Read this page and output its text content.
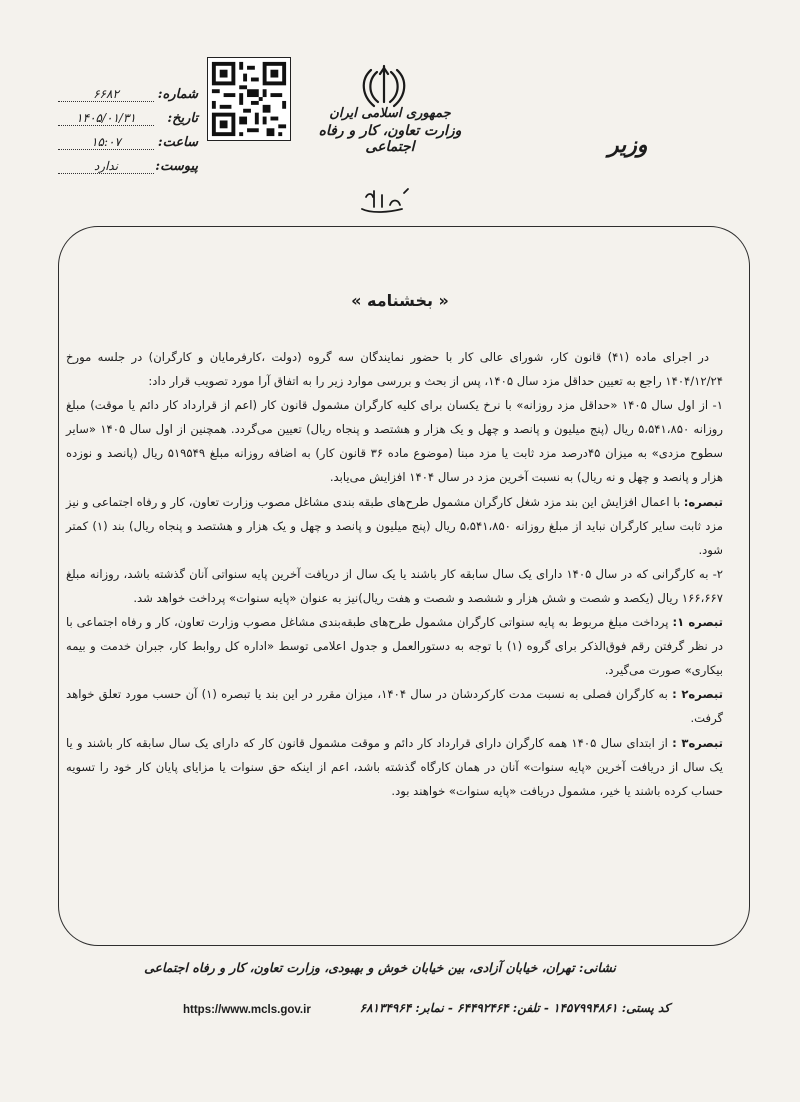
شماره:
۶۶۸۲
تاریخ:
۱۴۰۵/۰۱/۳۱
ساعت:
۱۵:۰۷
پیوست:
ندارد
جمهوری اسلامی ایران
وزارت تعاون، کار و رفاه اجتماعی	وزیر
« بخشنامه »

در اجرای ماده (۴۱) قانون کار، شورای عالی کار با حضور نمایندگان سه گروه (دولت ،کارفرمایان و کارگران) در جلسه مورخ ۱۴۰۴/۱۲/۲۴ راجع به تعیین حداقل مزد سال ۱۴۰۵، پس از بحث و بررسی موارد زیر را به اتفاق آرا مورد تصویب قرار داد:

۱- از اول سال ۱۴۰۵ «حداقل مزد روزانه» با نرخ یکسان برای کلیه کارگران مشمول قانون کار (اعم از قرارداد کار دائم یا موقت) مبلغ روزانه ۵،۵۴۱،۸۵۰ ریال (پنج میلیون و پانصد و چهل و یک هزار و هشتصد و پنجاه ریال) تعیین می‌گردد. همچنین از اول سال ۱۴۰۵ «سایر سطوح مزدی» به میزان ۴۵درصد مزد ثابت یا مزد مبنا (موضوع ماده ۳۶ قانون کار) به اضافه روزانه مبلغ ۵۱۹۵۴۹ ریال (پانصد و نوزده هزار و پانصد و چهل و نه ریال) به نسبت آخرین مزد در سال ۱۴۰۴ افزایش می‌یابد.

تبصره: با اعمال افزایش این بند مزد شغل کارگران مشمول طرح‌های طبقه بندی مشاغل مصوب وزارت تعاون، کار و رفاه اجتماعی و نیز مزد ثابت سایر کارگران نباید از مبلغ روزانه ۵،۵۴۱،۸۵۰ ریال (پنج میلیون و پانصد و چهل و یک هزار و هشتصد و پنجاه ریال) بند (۱) کمتر شود.

۲- به کارگرانی که در سال ۱۴۰۵ دارای یک سال سابقه کار باشند یا یک سال از دریافت آخرین پایه سنواتی آنان گذشته باشد، روزانه مبلغ ۱۶۶،۶۶۷ ریال (یکصد و شصت و شش هزار و ششصد و شصت و هفت ریال)نیز به عنوان «پایه سنوات» پرداخت خواهد شد.

تبصره ۱: پرداخت مبلغ مربوط به پایه سنواتی کارگران مشمول طرح‌های طبقه‌بندی مشاغل مصوب وزارت تعاون، کار و رفاه اجتماعی با در نظر گرفتن رقم فوق‌الذکر برای گروه (۱) با توجه به دستورالعمل و جدول اعلامی توسط «اداره کل روابط کار، جبران خدمت و بیمه بیکاری» صورت می‌گیرد.

تبصره۲ : به کارگران فصلی به نسبت مدت کارکردشان در سال ۱۴۰۴، میزان مقرر در این بند یا تبصره (۱) آن حسب مورد تعلق خواهد گرفت.

تبصره۳ : از ابتدای سال ۱۴۰۵ همه کارگران دارای قرارداد کار دائم و موقت مشمول قانون کار که دارای یک سال سابقه کار باشند و یا یک سال از دریافت آخرین «پایه سنوات» آنان در همان کارگاه گذشته باشد، اعم از اینکه حق سنوات یا مزایای پایان کار خود را تسویه حساب کرده باشند یا خیر، مشمول دریافت «پایه سنوات» خواهند بود.

نشانی: تهران، خیابان آزادی، بین خیابان خوش و بهبودی، وزارت تعاون، کار و رفاه اجتماعی
کد پستی: ۱۴۵۷۹۹۴۸۶۱ - تلفن: ۶۴۴۹۲۴۶۴ - نمابر: ۶۸۱۳۴۹۶۴
https://www.mcls.gov.ir
